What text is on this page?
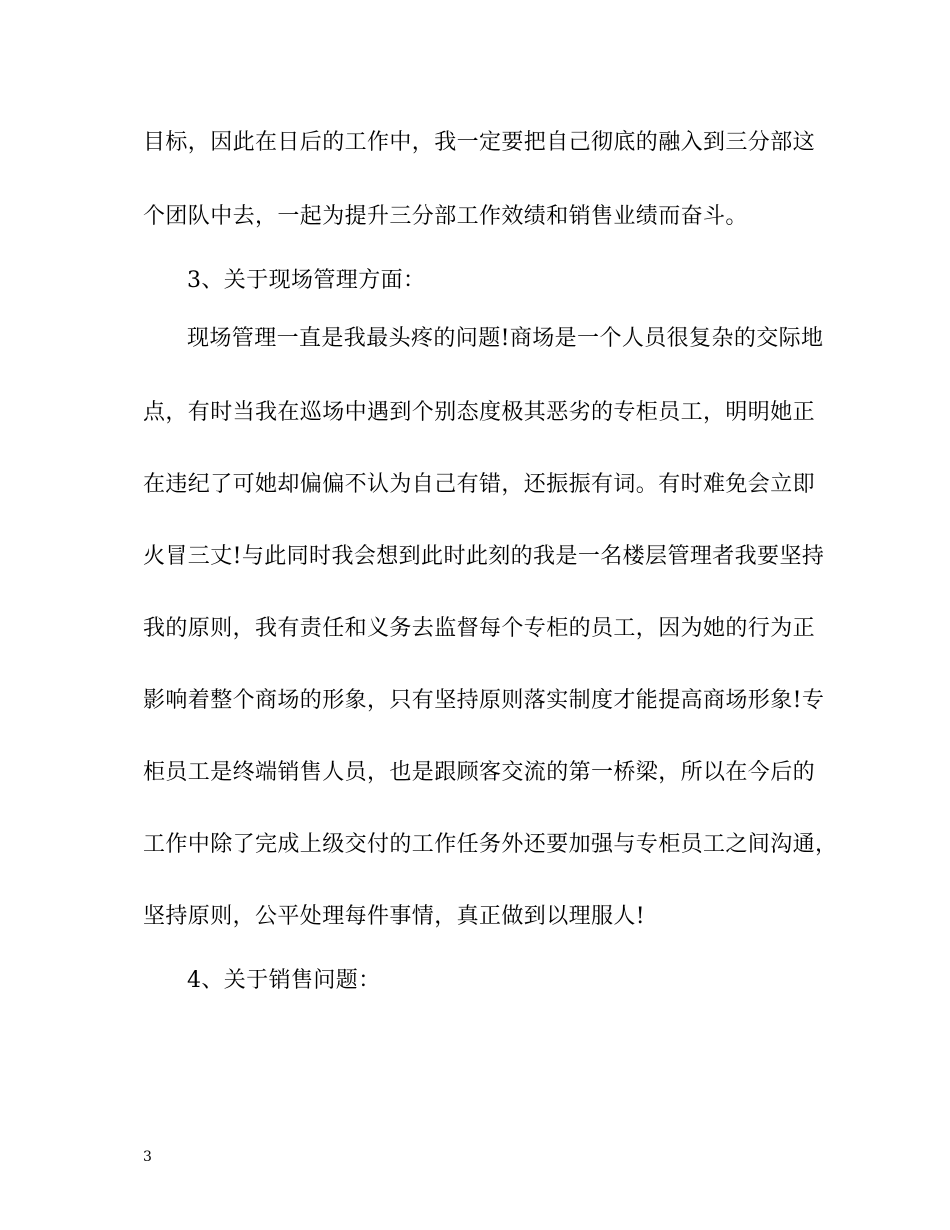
目标，因此在日后的工作中，我一定要把自己彻底的融入到三分部这
个团队中去，一起为提升三分部工作效绩和销售业绩而奋斗。
3、关于现场管理方面：
现场管理一直是我最头疼的问题!商场是一个人员很复杂的交际地
点，有时当我在巡场中遇到个别态度极其恶劣的专柜员工，明明她正
在违纪了可她却偏偏不认为自己有错，还振振有词。有时难免会立即
火冒三丈!与此同时我会想到此时此刻的我是一名楼层管理者我要坚持
我的原则，我有责任和义务去监督每个专柜的员工，因为她的行为正
影响着整个商场的形象，只有坚持原则落实制度才能提高商场形象!专
柜员工是终端销售人员，也是跟顾客交流的第一桥梁，所以在今后的
工作中除了完成上级交付的工作任务外还要加强与专柜员工之间沟通，
坚持原则，公平处理每件事情，真正做到以理服人!
4、关于销售问题：
3
